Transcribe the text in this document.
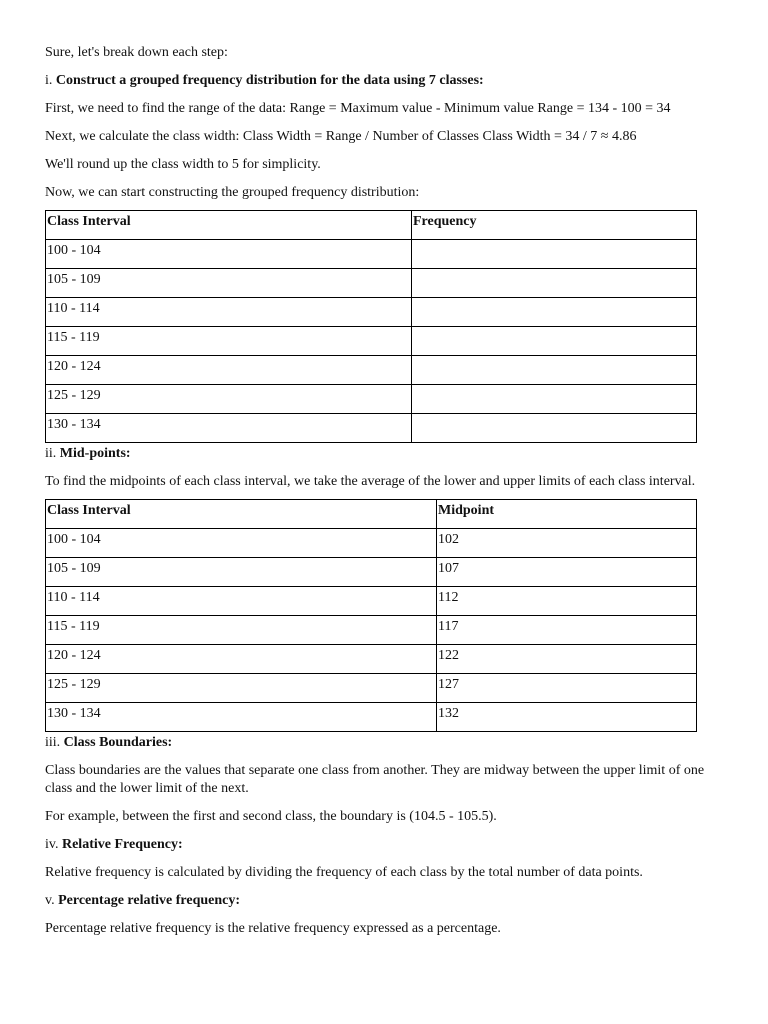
Sure, let's break down each step:

i. Construct a grouped frequency distribution for the data using 7 classes:

First, we need to find the range of the data: Range = Maximum value - Minimum value Range = 134 - 100 = 34

Next, we calculate the class width: Class Width = Range / Number of Classes Class Width = 34 / 7 ≈ 4.86

We'll round up the class width to 5 for simplicity.

Now, we can start constructing the grouped frequency distribution:

Class Interval	Frequency
100 - 104	
105 - 109	
110 - 114	
115 - 119	
120 - 124	
125 - 129	
130 - 134	

ii. Mid-points:

To find the midpoints of each class interval, we take the average of the lower and upper limits of each class interval.

Class Interval	Midpoint
100 - 104	102
105 - 109	107
110 - 114	112
115 - 119	117
120 - 124	122
125 - 129	127
130 - 134	132

iii. Class Boundaries:

Class boundaries are the values that separate one class from another. They are midway between the upper limit of one class and the lower limit of the next.

For example, between the first and second class, the boundary is (104.5 - 105.5).

iv. Relative Frequency:

Relative frequency is calculated by dividing the frequency of each class by the total number of data points.

v. Percentage relative frequency:

Percentage relative frequency is the relative frequency expressed as a percentage.
